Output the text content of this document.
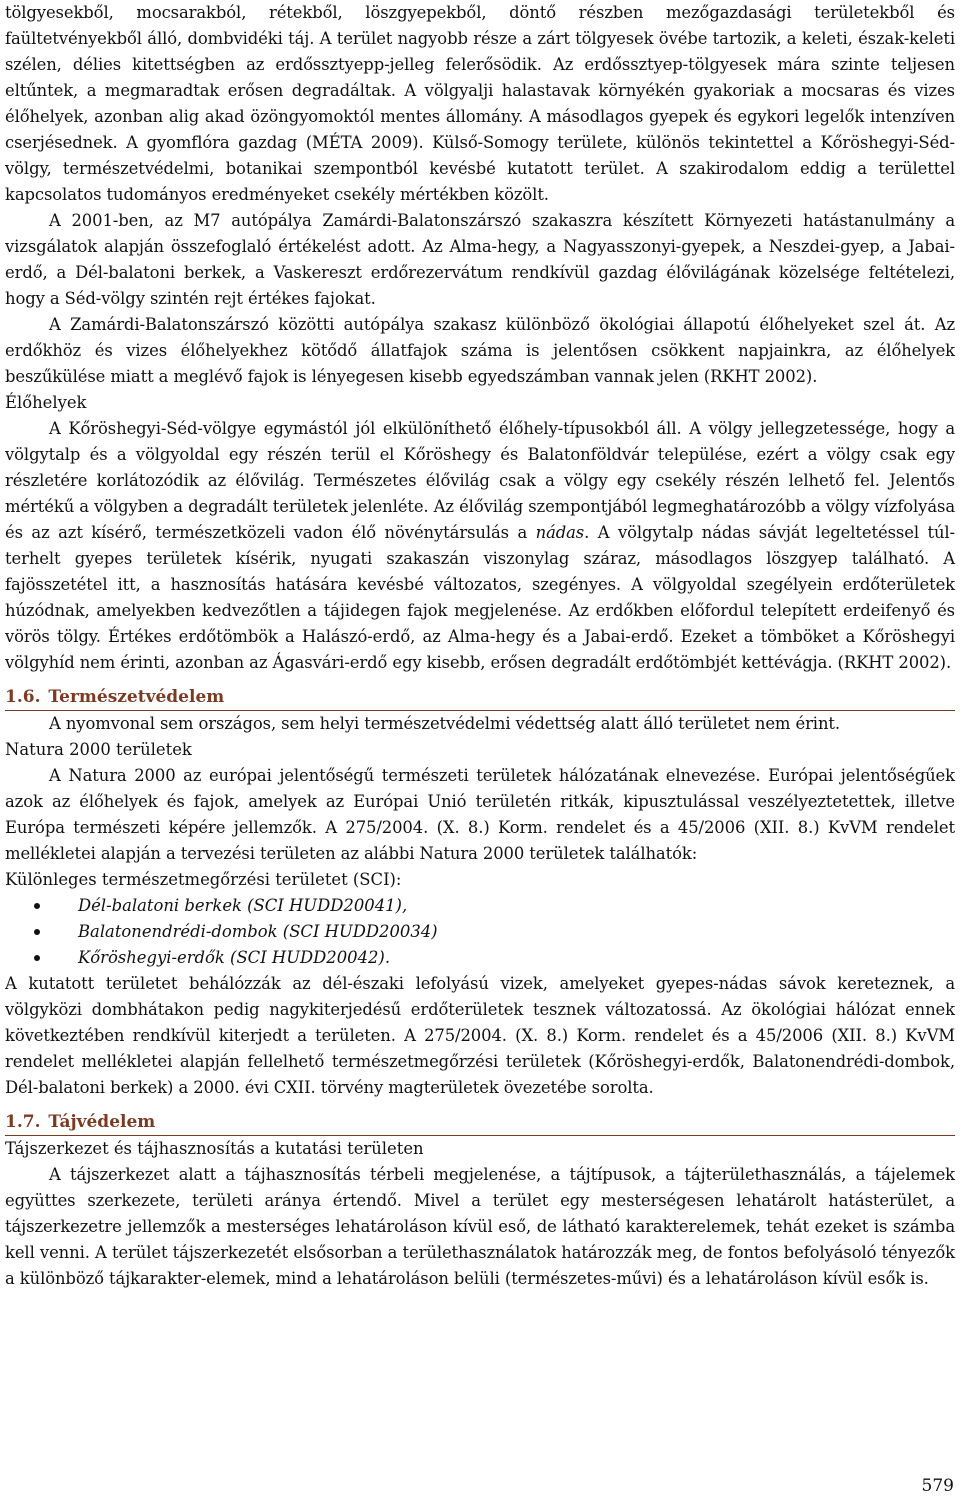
tölgyesekből, mocsarakból, rétekből, löszgyepekből, döntő részben mezőgazdasági területekből és faültetvényekből álló, dombvidéki táj. A terület nagyobb része a zárt tölgyesek övébe tartozik, a keleti, észak-keleti szélen, délies kitettségben az erdőssztyepp-jelleg felerősödik. Az erdőssztyep-tölgyesek mára szinte teljesen eltűntek, a megmaradtak erősen degradáltak. A völgyalji halastavak környékén gyakoriak a mocsaras és vizes élőhelyek, azonban alig akad özöngyomoktól mentes állomány. A másodlagos gyepek és egykori legelők intenzíven cserjésednek. A gyomflóra gazdag (MÉTA 2009). Külső-Somogy területe, különös tekintettel a Kőröshegyi-Séd-völgy, természetvédelmi, botanikai szempontból kevésbé kutatott terület. A szakirodalom eddig a területtel kapcsolatos tudományos eredményeket csekély mértékben közölt.

A 2001-ben, az M7 autópálya Zamárdi-Balatonszárszó szakaszra készített Környezeti hatástanulmány a vizsgálatok alapján összefoglaló értékelést adott. Az Alma-hegy, a Nagyasszonyi-gyepek, a Neszdei-gyep, a Jabai-erdő, a Dél-balatoni berkek, a Vaskereszt erdőrezervátum rendkívül gazdag élővilágának közelsége feltételezi, hogy a Séd-völgy szintén rejt értékes fajokat.

A Zamárdi-Balatonszárszó közötti autópálya szakasz különböző ökológiai állapotú élőhelyeket szel át. Az erdőkhöz és vizes élőhelyekhez kötődő állatfajok száma is jelentősen csökkent napjainkra, az élőhelyek beszűkülése miatt a meglévő fajok is lényegesen kisebb egyedszámban vannak jelen (RKHT 2002).

Élőhelyek

A Kőröshegyi-Séd-völgye egymástól jól elkülöníthető élőhely-típusokból áll. A völgy jellegzetessége, hogy a völgytalp és a völgyoldal egy részén terül el Kőröshegy és Balatonföldvár települése, ezért a völgy csak egy részletére korlátozódik az élővilág. Természetes élővilág csak a völgy egy csekély részén lelhető fel. Jelentős mértékű a völgyben a degradált területek jelenléte. Az élővilág szempontjából legmeghatározóbb a völgy vízfolyása és az azt kísérő, természetközeli vadon élő növénytársulás a nádas. A völgytalp nádas sávját legeltetéssel túl-terhelt gyepes területek kísérik, nyugati szakaszán viszonylag száraz, másodlagos löszgyep található. A fajösszetétel itt, a hasznosítás hatására kevésbé változatos, szegényes. A völgyoldal szegélyein erdőterületek húzódnak, amelyekben kedvezőtlen a tájidegen fajok megjelenése. Az erdőkben előfordul telepített erdeifenyő és vörös tölgy. Értékes erdőtömbök a Halászó-erdő, az Alma-hegy és a Jabai-erdő. Ezeket a tömböket a Kőröshegyi völgyhíd nem érinti, azonban az Ágasvári-erdő egy kisebb, erősen degradált erdőtömbjét kettévágja. (RKHT 2002).

1.6. Természetvédelem

A nyomvonal sem országos, sem helyi természetvédelmi védettség alatt álló területet nem érint.

Natura 2000 területek

A Natura 2000 az európai jelentőségű természeti területek hálózatának elnevezése. Európai jelentőségűek azok az élőhelyek és fajok, amelyek az Európai Unió területén ritkák, kipusztulással veszélyeztetettek, illetve Európa természeti képére jellemzők. A 275/2004. (X. 8.) Korm. rendelet és a 45/2006 (XII. 8.) KvVM rendelet mellékletei alapján a tervezési területen az alábbi Natura 2000 területek találhatók:

Különleges természetmegőrzési területet (SCI):

Dél-balatoni berkek (SCI HUDD20041),
Balatonendrédi-dombok (SCI HUDD20034)
Kőröshegyi-erdők (SCI HUDD20042).

A kutatott területet behálózzák az dél-északi lefolyású vizek, amelyeket gyepes-nádas sávok kereteznek, a völgyközi dombhátakon pedig nagykiterjedésű erdőterületek tesznek változatossá. Az ökológiai hálózat ennek következtében rendkívül kiterjedt a területen. A 275/2004. (X. 8.) Korm. rendelet és a 45/2006 (XII. 8.) KvVM rendelet mellékletei alapján fellelhető természetmegőrzési területek (Kőröshegyi-erdők, Balatonendrédi-dombok, Dél-balatoni berkek) a 2000. évi CXII. törvény magterületek övezetébe sorolta.

1.7. Tájvédelem

Tájszerkezet és tájhasznosítás a kutatási területen

A tájszerkezet alatt a tájhasznosítás térbeli megjelenése, a tájtípusok, a tájterülethasználás, a tájelemek együttes szerkezete, területi aránya értendő. Mivel a terület egy mesterségesen lehatárolt hatásterület, a tájszerkezetre jellemzők a mesterséges lehatároláson kívül eső, de látható karakterelemek, tehát ezeket is számba kell venni. A terület tájszerkezetét elsősorban a területhasználatok határozzák meg, de fontos befolyásoló tényezők a különböző tájkarakter-elemek, mind a lehatároláson belüli (természetes-művi) és a lehatároláson kívül esők is.

579
